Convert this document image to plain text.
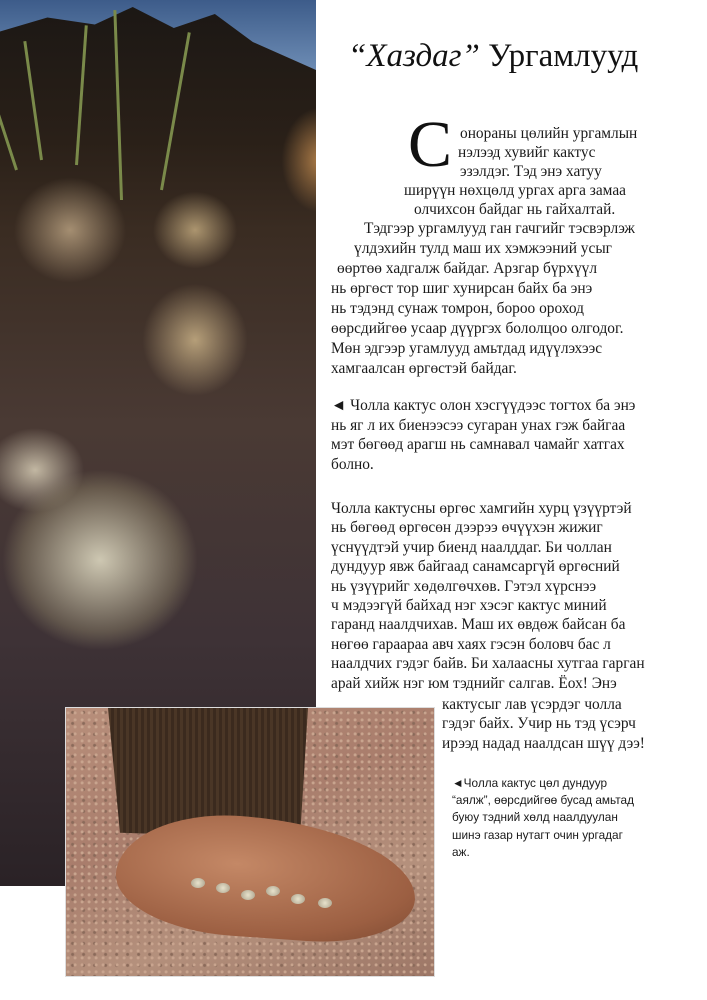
“Хаздаг” Ургамлууд
С онораны цөлийн ургамлын
нэлээд хувийг кактус
эзэлдэг. Тэд энэ хатуу
ширүүн нөхцөлд ургах арга замаа
олчихсон байдаг нь гайхалтай.
Тэдгээр ургамлууд ган гачгийг тэсвэрлэж
үлдэхийн тулд маш их хэмжээний усыг
өөртөө хадгалж байдаг. Арзгар бүрхүүл
нь өргөст тор шиг хунирсан байх ба энэ
нь тэдэнд сунаж томрон, бороо ороход
өөрсдийгөө усаар дүүргэх бололцоо олгодог.
Мөн эдгээр угамлууд амьтдад идүүлэхээс
хамгаалсан өргөстэй байдаг.

◄ Чолла кактус олон хэсгүүдээс тогтох ба энэ
нь яг л их биенээсээ сугаран унах гэж байгаа
мэт бөгөөд арагш нь самнавал чамайг хатгах
болно.

Чолла кактусны өргөс хамгийн хурц үзүүртэй
нь бөгөөд өргөсөн дээрээ өчүүхэн жижиг
үснүүдтэй учир биенд наалддаг. Би чоллан
дундуур явж байгаад санамсаргүй өргөсний
нь үзүүрийг хөдөлгөчхөв. Гэтэл хүрснээ
ч мэдээгүй байхад нэг хэсэг кактус миний
гаранд наалдчихав. Маш их өвдөж байсан ба
нөгөө гараараа авч хаях гэсэн боловч бас л
наалдчих гэдэг байв. Би халаасны хутгаа гарган
арай хийж нэг юм тэднийг салгав. Ёох! Энэ

кактусыг лав үсэрдэг чолла
гэдэг байх. Учир нь тэд үсэрч
ирээд надад наалдсан шүү дээ!

◄Чолла кактус цөл дундуур
“аялж”, өөрсдийгөө бусад амьтад
буюу тэдний хөлд наалдуулан
шинэ газар нутагт очин ургадаг
аж.
